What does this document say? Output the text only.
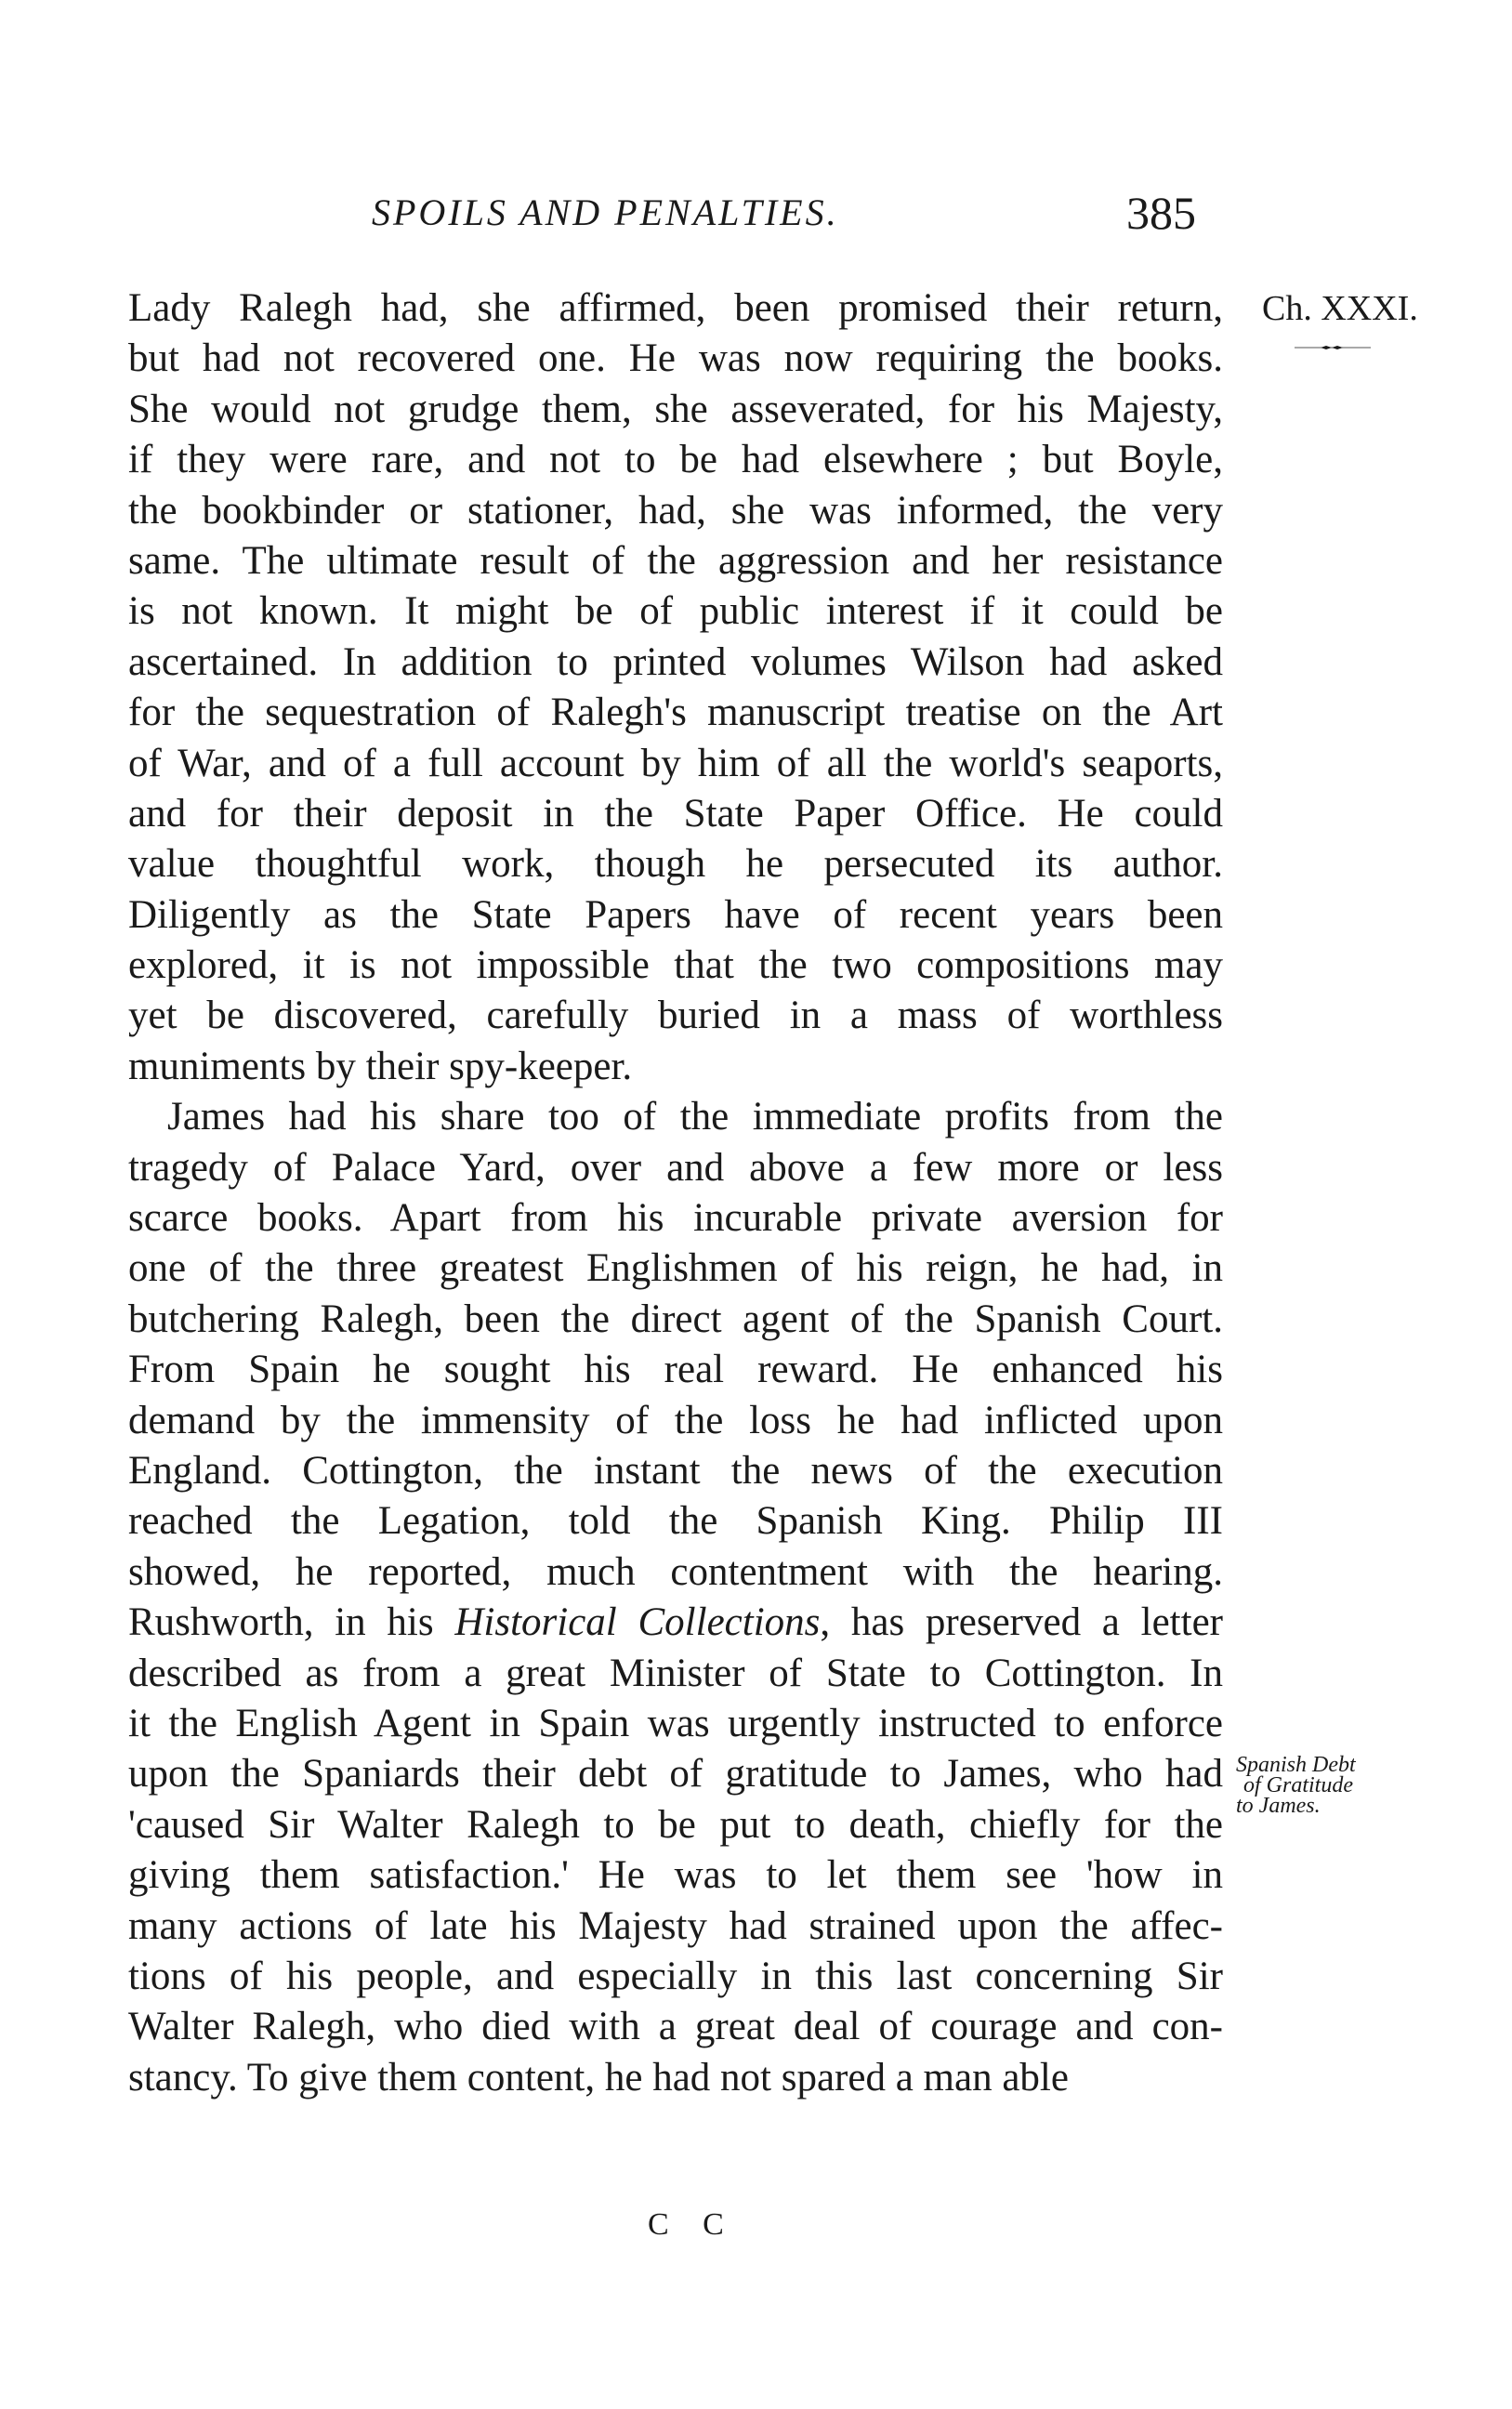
SPOILS AND PENALTIES.	385
Ch. XXXI.
Lady Ralegh had, she affirmed, been promised their return,
but had not recovered one. He was now requiring the books.
She would not grudge them, she asseverated, for his Majesty,
if they were rare, and not to be had elsewhere ; but Boyle,
the bookbinder or stationer, had, she was informed, the very
same. The ultimate result of the aggression and her resistance
is not known. It might be of public interest if it could be
ascertained. In addition to printed volumes Wilson had asked
for the sequestration of Ralegh's manuscript treatise on the Art
of War, and of a full account by him of all the world's seaports,
and for their deposit in the State Paper Office. He could
value thoughtful work, though he persecuted its author.
Diligently as the State Papers have of recent years been
explored, it is not impossible that the two compositions may
yet be discovered, carefully buried in a mass of worthless
muniments by their spy-keeper.
James had his share too of the immediate profits from the
tragedy of Palace Yard, over and above a few more or less
scarce books. Apart from his incurable private aversion for
one of the three greatest Englishmen of his reign, he had, in
butchering Ralegh, been the direct agent of the Spanish Court.
From Spain he sought his real reward. He enhanced his
demand by the immensity of the loss he had inflicted upon
England. Cottington, the instant the news of the execution
reached the Legation, told the Spanish King. Philip III
showed, he reported, much contentment with the hearing.
Rushworth, in his Historical Collections, has preserved a letter
described as from a great Minister of State to Cottington. In
it the English Agent in Spain was urgently instructed to enforce
upon the Spaniards their debt of gratitude to James, who had
'caused Sir Walter Ralegh to be put to death, chiefly for the
giving them satisfaction.' He was to let them see 'how in
many actions of late his Majesty had strained upon the affec-
tions of his people, and especially in this last concerning Sir
Walter Ralegh, who died with a great deal of courage and con-
stancy. To give them content, he had not spared a man able
Spanish Debt
of Gratitude
to James.
C C
